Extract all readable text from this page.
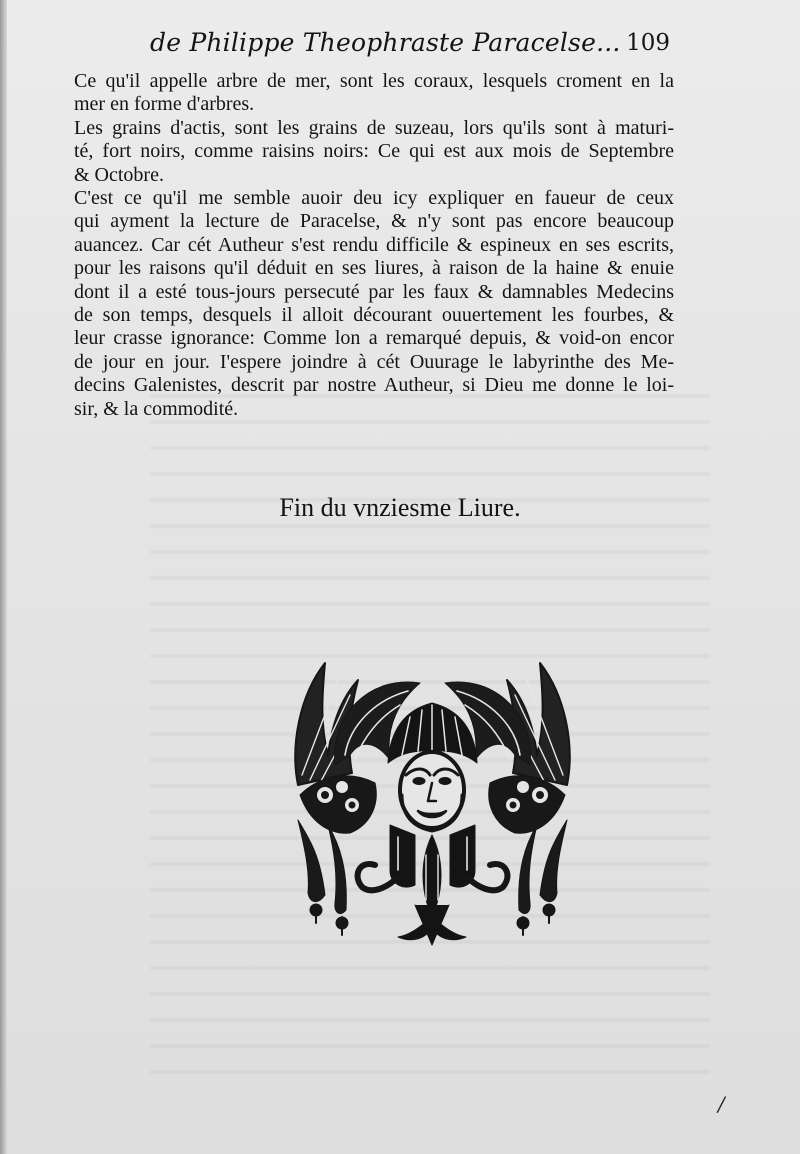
de Philippe Theophraste Paracelse... 109

Ce qu'il appelle arbre de mer, sont les coraux, lesquels croment en la
mer en forme d'arbres.

Les grains d'actis, sont les grains de suzeau, lors qu'ils sont à maturi-
té, fort noirs, comme raisins noirs: Ce qui est aux mois de Septembre
& Octobre.

C'est ce qu'il me semble auoir deu icy expliquer en faueur de ceux
qui ayment la lecture de Paracelse, & n'y sont pas encore beaucoup
auancez. Car cét Autheur s'est rendu difficile & espineux en ses escrits,
pour les raisons qu'il déduit en ses liures, à raison de la haine & enuie
dont il a esté tous-jours persecuté par les faux & damnables Medecins
de son temps, desquels il alloit décourant ouuertement les fourbes, &
leur crasse ignorance: Comme lon a remarqué depuis, & void-on encor
de jour en jour. I'espere joindre à cét Ouurage le labyrinthe des Me-
decins Galenistes, descrit par nostre Autheur, si Dieu me donne le loi-
sir, & la commodité.

Fin du vnziesme Liure.
/
